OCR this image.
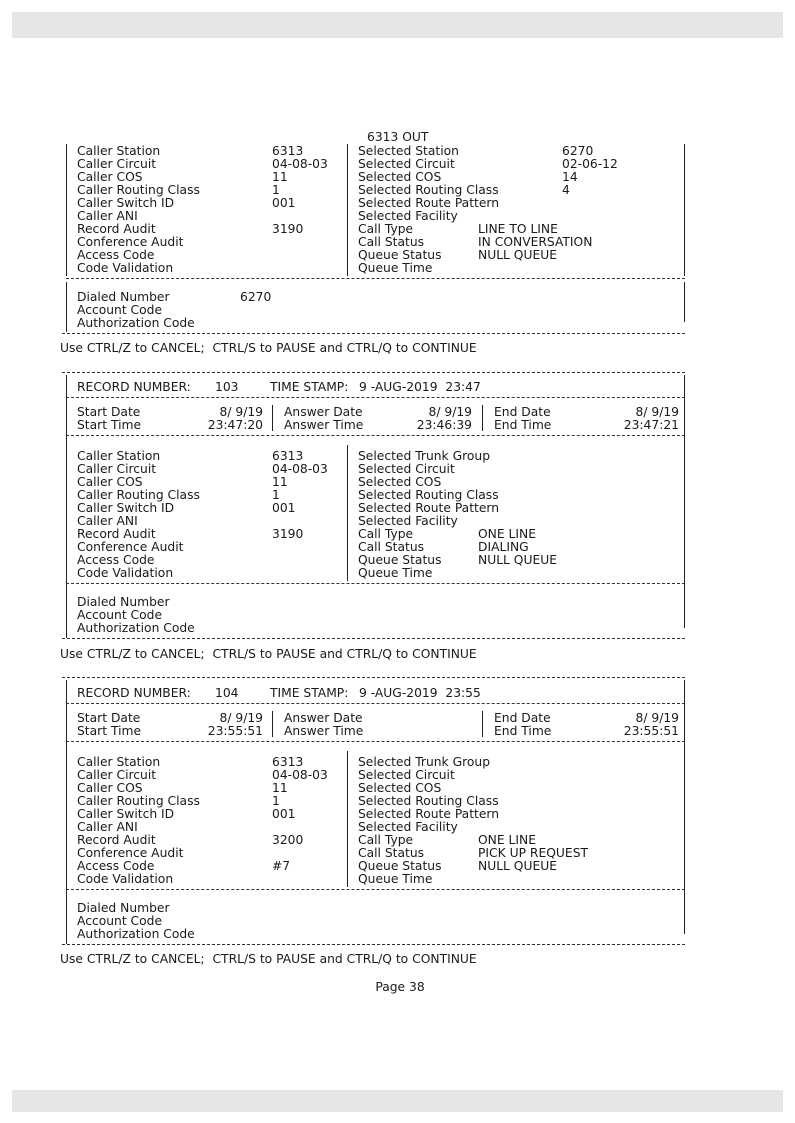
6313 OUT
Caller Station	6313
Caller Circuit	04-08-03
Caller COS	11
Caller Routing Class	1
Caller Switch ID	001
Caller ANI
Record Audit	3190
Conference Audit
Access Code
Code Validation
Selected Station	6270
Selected Circuit	02-06-12
Selected COS	14
Selected Routing Class	4
Selected Route Pattern
Selected Facility
Call Type	LINE TO LINE
Call Status	IN CONVERSATION
Queue Status	NULL QUEUE
Queue Time
Dialed Number	6270
Account Code
Authorization Code
Use CTRL/Z to CANCEL;  CTRL/S to PAUSE and CTRL/Q to CONTINUE
RECORD NUMBER: 103	TIME STAMP: 9 -AUG-2019  23:47
Start Date	8/ 9/19
Start Time	23:47:20
Answer Date	8/ 9/19
Answer Time	23:46:39
End Date	8/ 9/19
End Time	23:47:21
Caller Station	6313
Caller Circuit	04-08-03
Caller COS	11
Caller Routing Class	1
Caller Switch ID	001
Caller ANI
Record Audit	3190
Conference Audit
Access Code
Code Validation
Selected Trunk Group
Selected Circuit
Selected COS
Selected Routing Class
Selected Route Pattern
Selected Facility
Call Type	ONE LINE
Call Status	DIALING
Queue Status	NULL QUEUE
Queue Time
Dialed Number
Account Code
Authorization Code
Use CTRL/Z to CANCEL;  CTRL/S to PAUSE and CTRL/Q to CONTINUE
RECORD NUMBER: 104	TIME STAMP: 9 -AUG-2019  23:55
Start Date	8/ 9/19
Start Time	23:55:51
Answer Date
Answer Time
End Date	8/ 9/19
End Time	23:55:51
Caller Station	6313
Caller Circuit	04-08-03
Caller COS	11
Caller Routing Class	1
Caller Switch ID	001
Caller ANI
Record Audit	3200
Conference Audit
Access Code	#7
Code Validation
Selected Trunk Group
Selected Circuit
Selected COS
Selected Routing Class
Selected Route Pattern
Selected Facility
Call Type	ONE LINE
Call Status	PICK UP REQUEST
Queue Status	NULL QUEUE
Queue Time
Dialed Number
Account Code
Authorization Code
Use CTRL/Z to CANCEL;  CTRL/S to PAUSE and CTRL/Q to CONTINUE
Page 38
